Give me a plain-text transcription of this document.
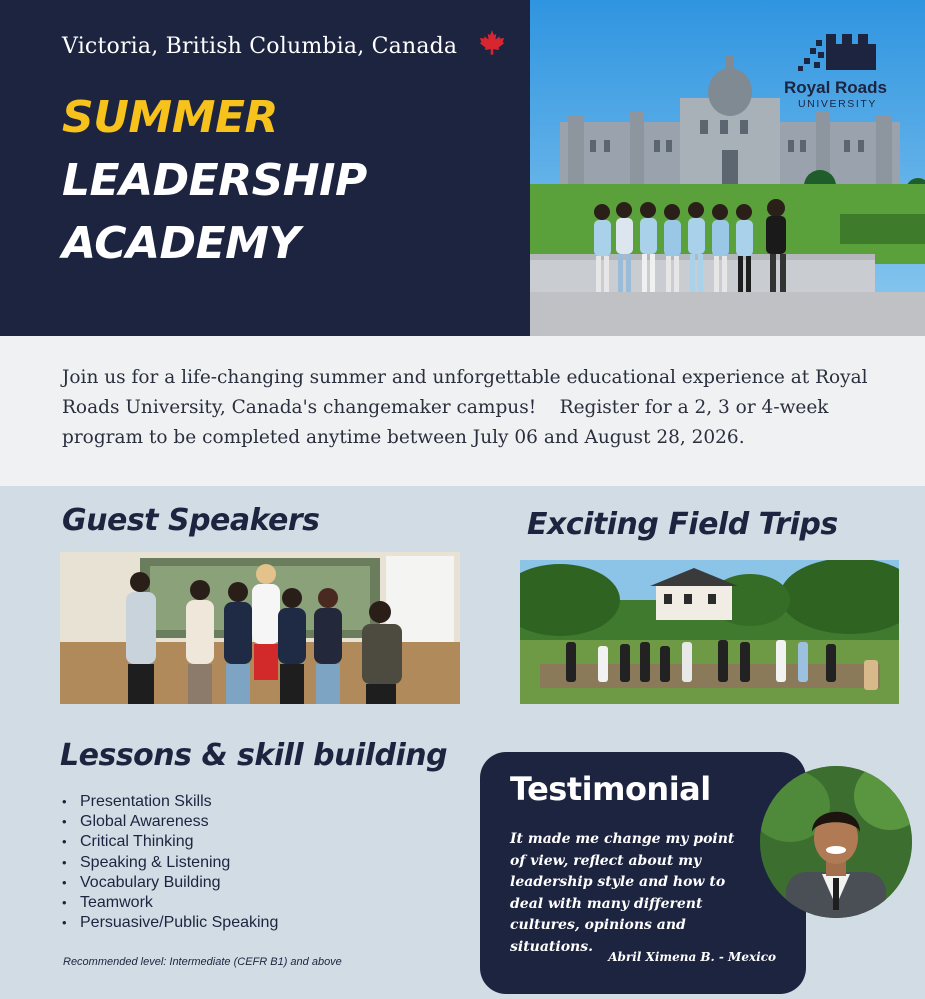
Victoria, British Columbia, Canada
SUMMER
LEADERSHIP
ACADEMY
Royal Roads
UNIVERSITY

Join us for a life-changing summer and unforgettable educational experience at Royal Roads University, Canada's changemaker campus!    Register for a 2, 3 or 4-week program to be completed anytime between July 06 and August 28, 2026.

Guest Speakers	Exciting Field Trips
Lessons & skill building
• Presentation Skills
• Global Awareness
• Critical Thinking
• Speaking & Listening
• Vocabulary Building
• Teamwork
• Persuasive/Public Speaking
Recommended level: Intermediate (CEFR B1) and above
Testimonial

It made me change my point of view, reflect about my leadership style and how to deal with many different cultures, opinions and situations.

Abril Ximena B. - Mexico
